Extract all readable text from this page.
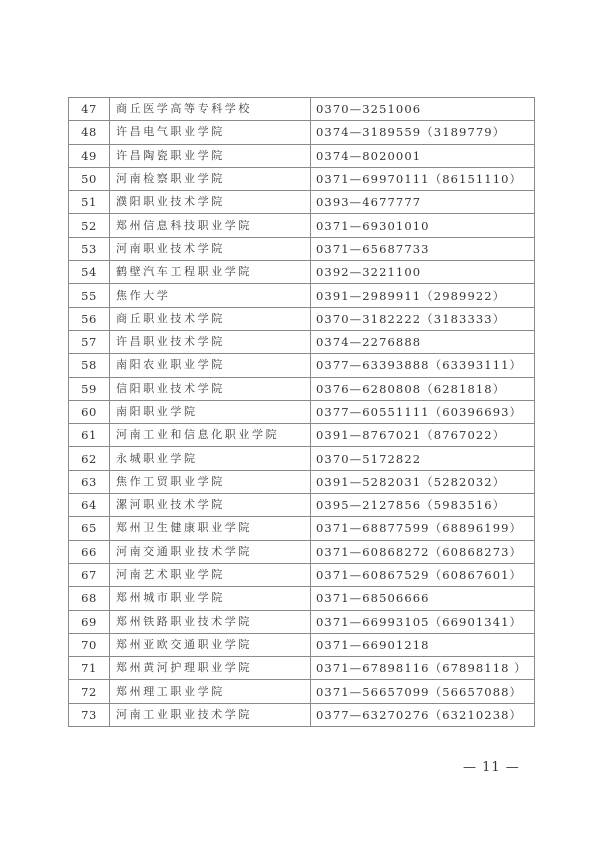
47	商丘医学高等专科学校	0370—3251006
48	许昌电气职业学院	0374—3189559（3189779）
49	许昌陶瓷职业学院	0374—8020001
50	河南检察职业学院	0371—69970111（86151110）
51	濮阳职业技术学院	0393—4677777
52	郑州信息科技职业学院	0371—69301010
53	河南职业技术学院	0371—65687733
54	鹤壁汽车工程职业学院	0392—3221100
55	焦作大学	0391—2989911（2989922）
56	商丘职业技术学院	0370—3182222（3183333）
57	许昌职业技术学院	0374—2276888
58	南阳农业职业学院	0377—63393888（63393111）
59	信阳职业技术学院	0376—6280808（6281818）
60	南阳职业学院	0377—60551111（60396693）
61	河南工业和信息化职业学院	0391—8767021（8767022）
62	永城职业学院	0370—5172822
63	焦作工贸职业学院	0391—5282031（5282032）
64	漯河职业技术学院	0395—2127856（5983516）
65	郑州卫生健康职业学院	0371—68877599（68896199）
66	河南交通职业技术学院	0371—60868272（60868273）
67	河南艺术职业学院	0371—60867529（60867601）
68	郑州城市职业学院	0371—68506666
69	郑州铁路职业技术学院	0371—66993105（66901341）
70	郑州亚欧交通职业学院	0371—66901218
71	郑州黄河护理职业学院	0371—67898116（67898118 ）
72	郑州理工职业学院	0371—56657099（56657088）
73	河南工业职业技术学院	0377—63270276（63210238）
— 11 —
